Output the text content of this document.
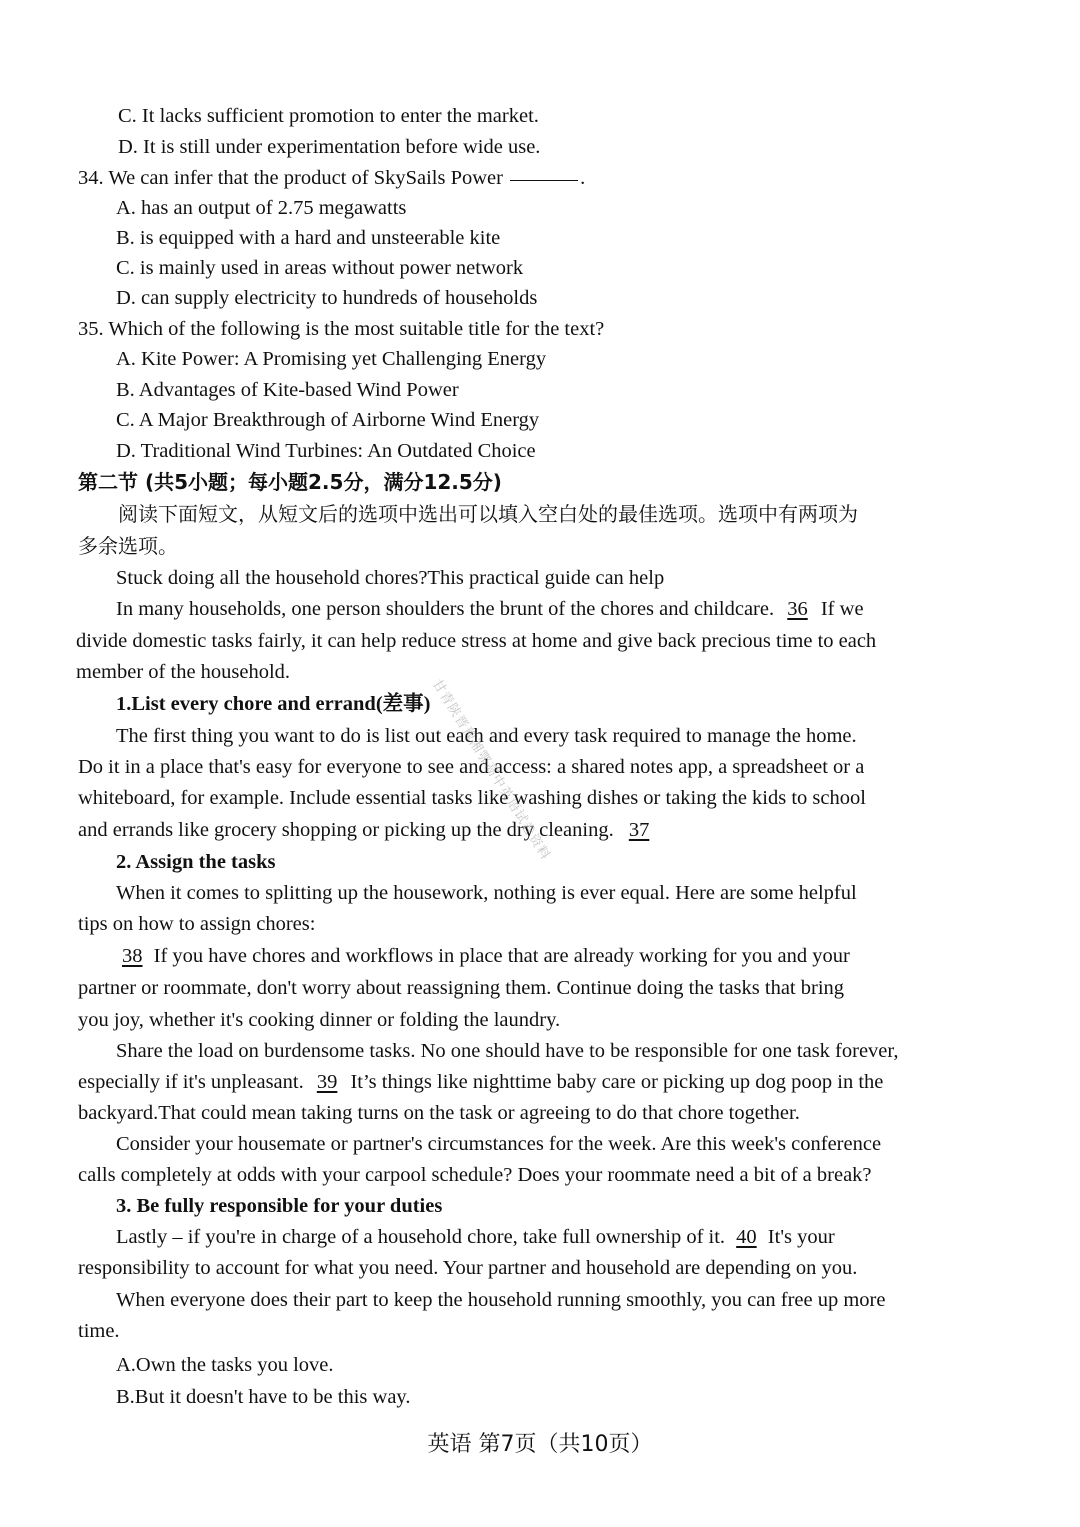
C. It lacks sufficient promotion to enter the market.
D. It is still under experimentation before wide use.
34. We can infer that the product of SkySails Power	.
A. has an output of 2.75 megawatts
B. is equipped with a hard and unsteerable kite
C. is mainly used in areas without power network
D. can supply electricity to hundreds of households
35. Which of the following is the most suitable title for the text?
A. Kite Power: A Promising yet Challenging Energy
B. Advantages of Kite-based Wind Power
C. A Major Breakthrough of Airborne Wind Energy
D. Traditional Wind Turbines: An Outdated Choice
第二节 (共5小题；每小题2.5分，满分12.5分)
阅读下面短文，从短文后的选项中选出可以填入空白处的最佳选项。选项中有两项为
多余选项。
Stuck doing all the household chores?This practical guide can help
In many households, one person shoulders the brunt of the chores and childcare. 36 If we
divide domestic tasks fairly, it can help reduce stress at home and give back precious time to each
member of the household.
1.List every chore and errand(差事)
The first thing you want to do is list out each and every task required to manage the home.
Do it in a place that's easy for everyone to see and access: a shared notes app, a spreadsheet or a
whiteboard, for example. Include essential tasks like washing dishes or taking the kids to school
and errands like grocery shopping or picking up the dry cleaning. 37
2. Assign the tasks
When it comes to splitting up the housework, nothing is ever equal. Here are some helpful
tips on how to assign chores:
38 If you have chores and workflows in place that are already working for you and your
partner or roommate, don't worry about reassigning them. Continue doing the tasks that bring
you joy, whether it's cooking dinner or folding the laundry.
Share the load on burdensome tasks. No one should have to be responsible for one task forever,
especially if it's unpleasant. 39 It’s things like nighttime baby care or picking up dog poop in the
backyard.That could mean taking turns on the task or agreeing to do that chore together.
Consider your housemate or partner's circumstances for the week. Are this week's conference
calls completely at odds with your carpool schedule? Does your roommate need a bit of a break?
3. Be fully responsible for your duties
Lastly – if you're in charge of a household chore, take full ownership of it. 40 It's your
responsibility to account for what you need. Your partner and household are depending on you.
When everyone does their part to keep the household running smoothly, you can free up more
time.
A.Own the tasks you love.
B.But it doesn't have to be this way.
英语 第7页（共10页）
甘青陕晋豫湘鄂高中英语试卷资料
